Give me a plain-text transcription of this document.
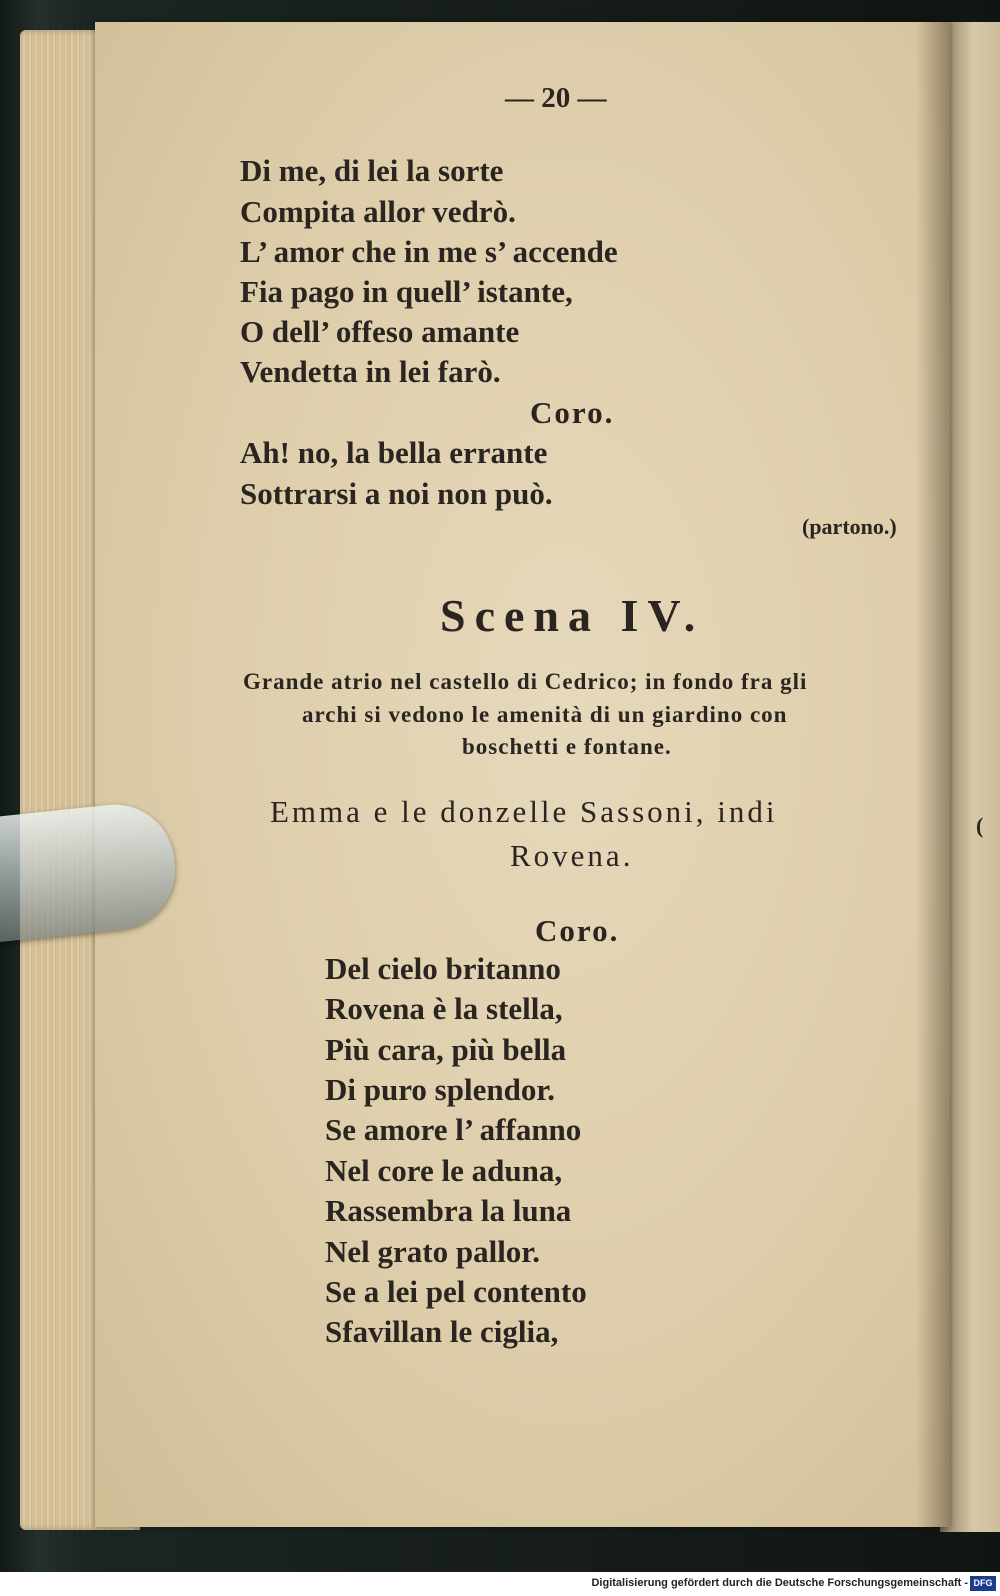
(
— 20 —
Di me, di lei la sorte
Compita allor vedrò.
L’ amor che in me s’ accende
Fia pago in quell’ istante,
O dell’ offeso amante
Vendetta in lei farò.
Coro.
Ah! no, la bella errante
Sottrarsi a noi non può.
(partono.)
Scena IV.
Grande atrio nel castello di Cedrico; in fondo fra gli
archi si vedono le amenità di un giardino con
boschetti e fontane.
Emma e le donzelle Sassoni, indi
Rovena.
Coro.
Del cielo britanno
Rovena è la stella,
Più cara, più bella
Di puro splendor.
Se amore l’ affanno
Nel core le aduna,
Rassembra la luna
Nel grato pallor.
Se a lei pel contento
Sfavillan le ciglia,
Digitalisierung gefördert durch die Deutsche Forschungsgemeinschaft - DFG
